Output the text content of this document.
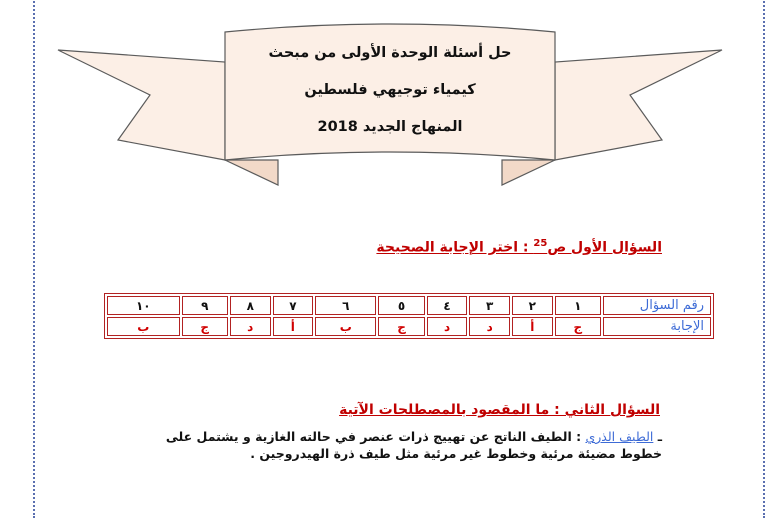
حل أسئلة الوحدة الأولى من مبحث
كيمياء توجيهي فلسطين
المنهاج الجديد 2018
السؤال الأول ص$^{25}$ : اختر الإجابة الصحيحة
رقم السؤال	١	٢	٣	٤	٥	٦	٧	٨	٩	١٠
الإجابة	ج	أ	د	د	ج	ب	أ	د	ج	ب
السؤال الثاني : ما المقصود بالمصطلحات الآتية
ـ الطيف الذري : الطيف الناتج عن تهييج ذرات عنصر في حالته الغازية و يشتمل على خطوط مضيئة مرئية وخطوط غير مرئية مثل طيف ذرة الهيدروجين .
